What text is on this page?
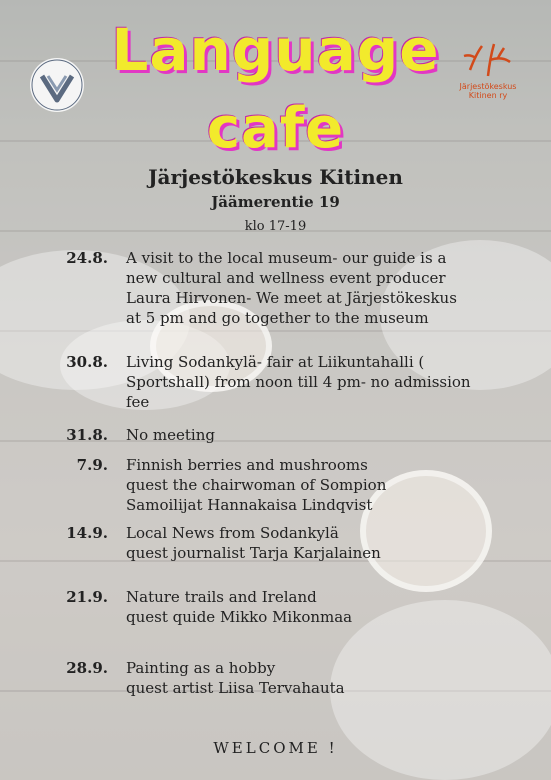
Järjestökeskus
Kitinen ry
Language
cafe
Järjestökeskus Kitinen
Jäämerentie 19
klo 17-19
24.8. A visit to the local museum- our guide is a
new cultural and wellness event producer
Laura Hirvonen- We meet at Järjestökeskus
at 5 pm and go together to the museum
30.8. Living Sodankylä- fair at Liikuntahalli (
Sportshall) from noon till 4 pm- no admission
fee
31.8. No meeting
7.9. Finnish berries and mushrooms
quest the chairwoman of Sompion
Samoilijat Hannakaisa Lindqvist
14.9. Local News from Sodankylä
quest journalist Tarja Karjalainen
21.9. Nature trails and Ireland
quest quide Mikko Mikonmaa
28.9. Painting as a hobby
quest artist Liisa Tervahauta
WELCOME !
